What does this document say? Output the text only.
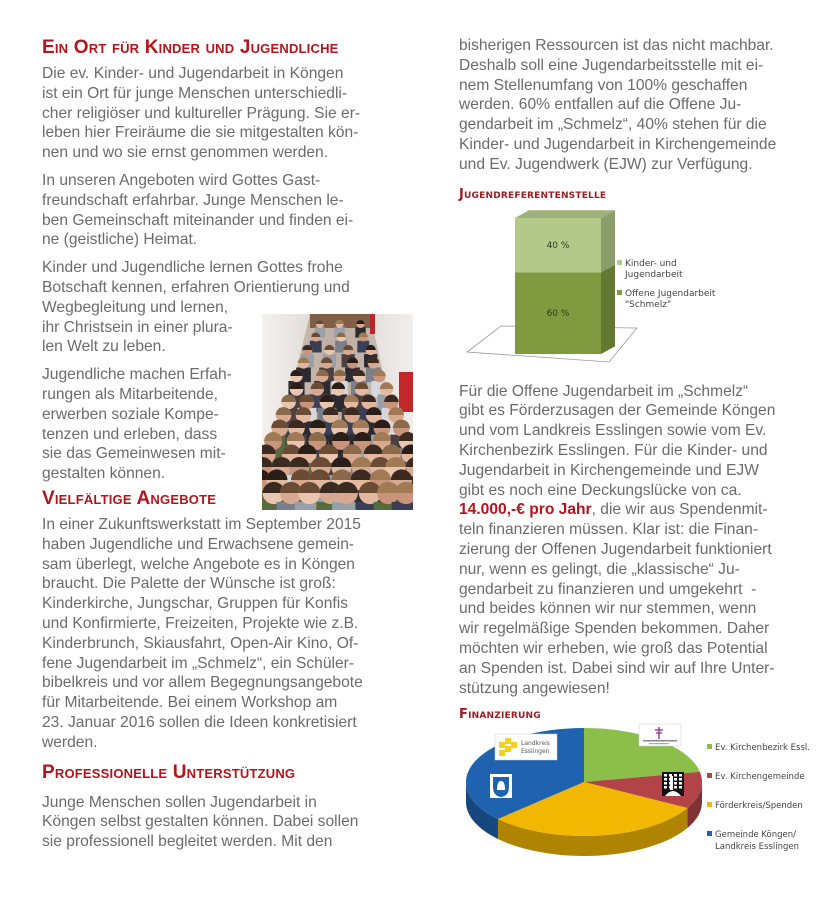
Ein Ort für Kinder und Jugendliche

Die ev. Kinder- und Jugendarbeit in Köngen
ist ein Ort für junge Menschen unterschiedli-
cher religiöser und kultureller Prägung. Sie er-
leben hier Freiräume die sie mitgestalten kön-
nen und wo sie ernst genommen werden.

In unseren Angeboten wird Gottes Gast-
freundschaft erfahrbar. Junge Menschen le-
ben Gemeinschaft miteinander und finden ei-
ne (geistliche) Heimat.

Kinder und Jugendliche lernen Gottes frohe
Botschaft kennen, erfahren Orientierung und
Wegbegleitung und lernen,
ihr Christsein in einer plura-
len Welt zu leben.

Jugendliche machen Erfah-
rungen als Mitarbeitende,
erwerben soziale Kompe-
tenzen und erleben, dass
sie das Gemeinwesen mit-
gestalten können.

Vielfältige Angebote

In einer Zukunftswerkstatt im September 2015
haben Jugendliche und Erwachsene gemein-
sam überlegt, welche Angebote es in Köngen
braucht. Die Palette der Wünsche ist groß:
Kinderkirche, Jungschar, Gruppen für Konfis
und Konfirmierte, Freizeiten, Projekte wie z.B.
Kinderbrunch, Skiausfahrt, Open-Air Kino, Of-
fene Jugendarbeit im „Schmelz“, ein Schüler-
bibelkreis und vor allem Begegnungsangebote
für Mitarbeitende. Bei einem Workshop am
23. Januar 2016 sollen die Ideen konkretisiert
werden.

Professionelle Unterstützung

Junge Menschen sollen Jugendarbeit in
Köngen selbst gestalten können. Dabei sollen
sie professionell begleitet werden. Mit den

bisherigen Ressourcen ist das nicht machbar.
Deshalb soll eine Jugendarbeitsstelle mit ei-
nem Stellenumfang von 100% geschaffen
werden. 60% entfallen auf die Offene Ju-
gendarbeit im „Schmelz“, 40% stehen für die
Kinder- und Jugendarbeit in Kirchengemeinde
und Ev. Jugendwerk (EJW) zur Verfügung.

Jugendreferentenstelle
60 %
40 %
Kinder- und
Jugendarbeit
Offene Jugendarbeit
"Schmelz"

Für die Offene Jugendarbeit im „Schmelz“
gibt es Förderzusagen der Gemeinde Köngen
und vom Landkreis Esslingen sowie vom Ev.
Kirchenbezirk Esslingen. Für die Kinder- und
Jugendarbeit in Kirchengemeinde und EJW
gibt es noch eine Deckungslücke von ca.
14.000,-€ pro Jahr, die wir aus Spendenmit-
teln finanzieren müssen. Klar ist: die Finan-
zierung der Offenen Jugendarbeit funktioniert
nur, wenn es gelingt, die „klassische“ Ju-
gendarbeit zu finanzieren und umgekehrt  -
und beides können wir nur stemmen, wenn
wir regelmäßige Spenden bekommen. Daher
möchten wir erheben, wie groß das Potential
an Spenden ist. Dabei sind wir auf Ihre Unter-
stützung angewiesen!

Finanzierung
Landkreis
Esslingen	Ev. Kirchenbezirk Essl.
Ev. Kirchengemeinde
Förderkreis/Spenden
Gemeinde Köngen/
Landkreis Esslingen
